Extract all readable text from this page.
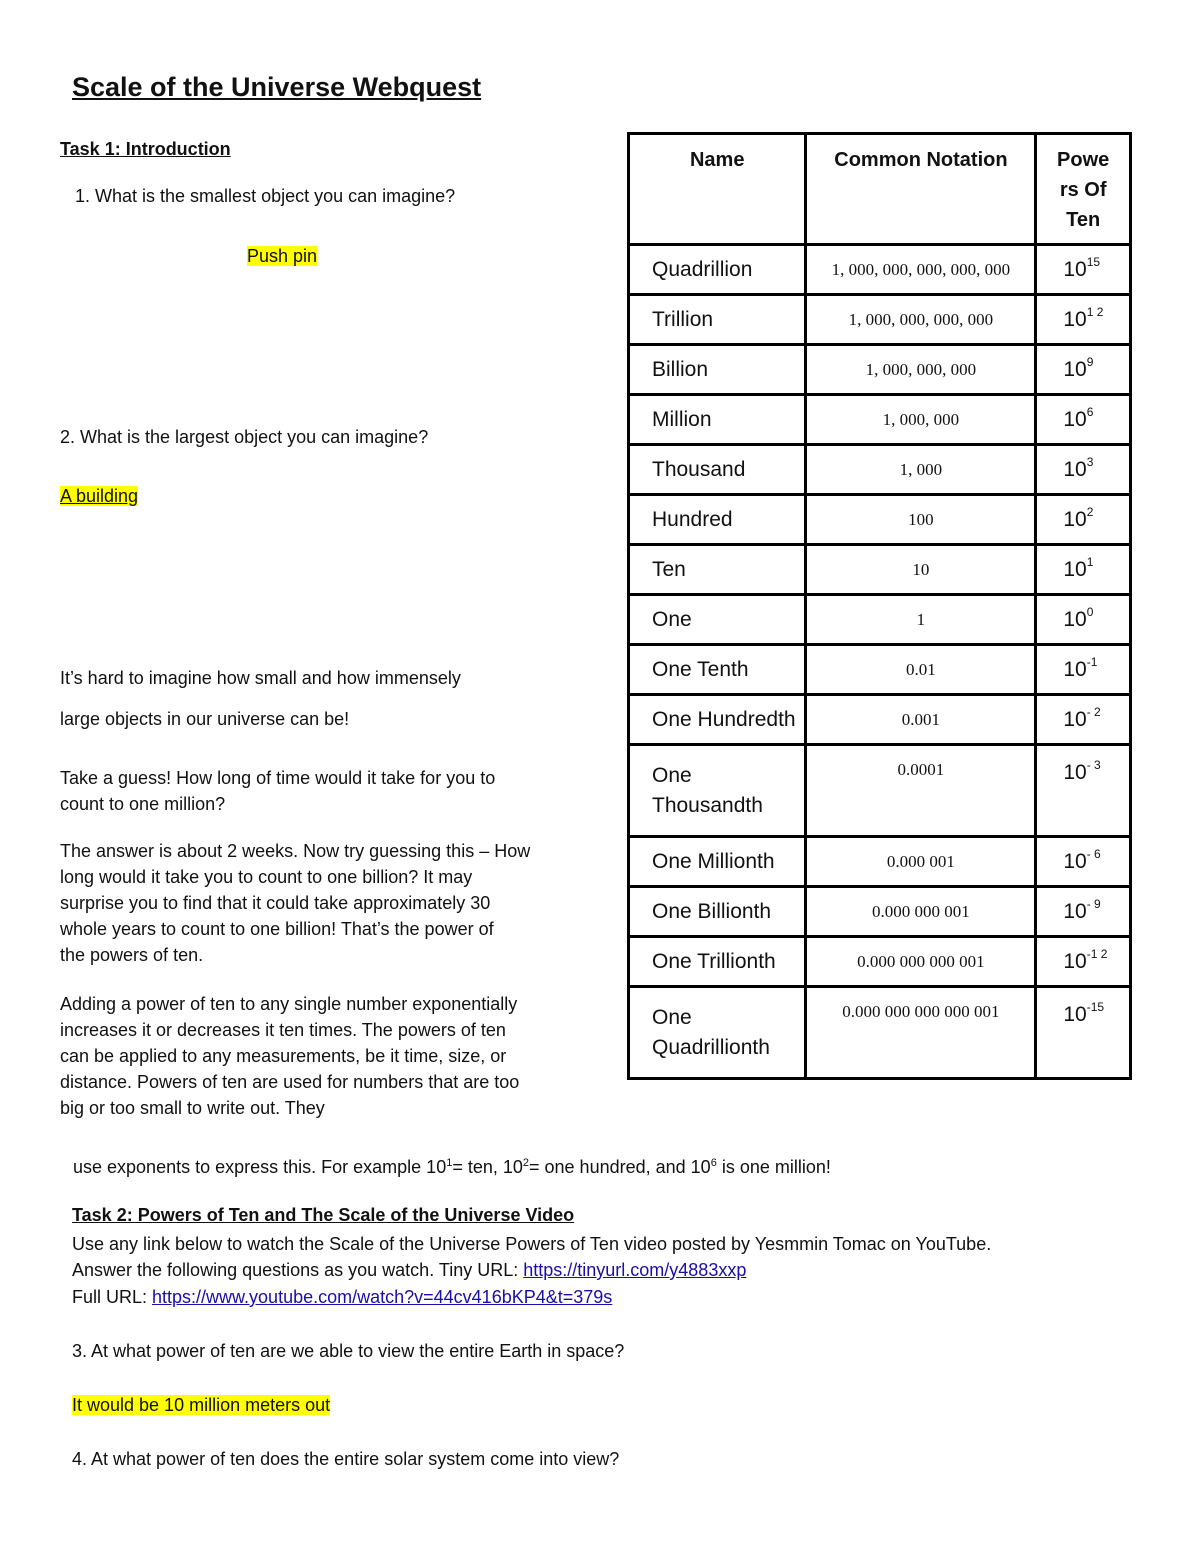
Scale of the Universe Webquest
Task 1: Introduction
1. What is the smallest object you can imagine?
Push pin
2. What is the largest object you can imagine?
A building
It’s hard to imagine how small and how immensely
large objects in our universe can be!
Take a guess! How long of time would it take for you to
count to one million?
The answer is about 2 weeks. Now try guessing this – How
long would it take you to count to one billion? It may
surprise you to find that it could take approximately 30
whole years to count to one billion! That’s the power of
the powers of ten.
Adding a power of ten to any single number exponentially
increases it or decreases it ten times. The powers of ten
can be applied to any measurements, be it time, size, or
distance. Powers of ten are used for numbers that are too
big or too small to write out. They
use exponents to express this. For example $10^1=$ ten, $10^2=$ one hundred, and $10^6$ is one million!
Name	Common Notation	Powe
rs Of
Ten

Quadrillion	1, 000, 000, 000, 000, 000	$10^{15}$
Trillion	1, 000, 000, 000, 000	$10^{1 2}$
Billion	1, 000, 000, 000	$10^9$
Million	1, 000, 000	$10^6$
Thousand	1, 000	$10^3$
Hundred	100	$10^2$
Ten	10	$10^1$
One	1	$10^0$
One Tenth	0.01	$10^{-1}$
One Hundredth	0.001	$10^{- 2}$

One
Thousandth	0.0001	$10^{- 3}$
One Millionth	0.000 001	$10^{- 6}$
One Billionth	0.000 000 001	$10^{- 9}$
One Trillionth	0.000 000 000 001	$10^{-1 2}$

One
Quadrillionth	0.000 000 000 000 001	$10^{-15}$
Task 2: Powers of Ten and The Scale of the Universe Video
Use any link below to watch the Scale of the Universe Powers of Ten video posted by Yesmmin Tomac on YouTube.
Answer the following questions as you watch. Tiny URL: https://tinyurl.com/y4883xxp
Full URL: https://www.youtube.com/watch?v=44cv416bKP4&t=379s
3. At what power of ten are we able to view the entire Earth in space?
It would be 10 million meters out
4. At what power of ten does the entire solar system come into view?
